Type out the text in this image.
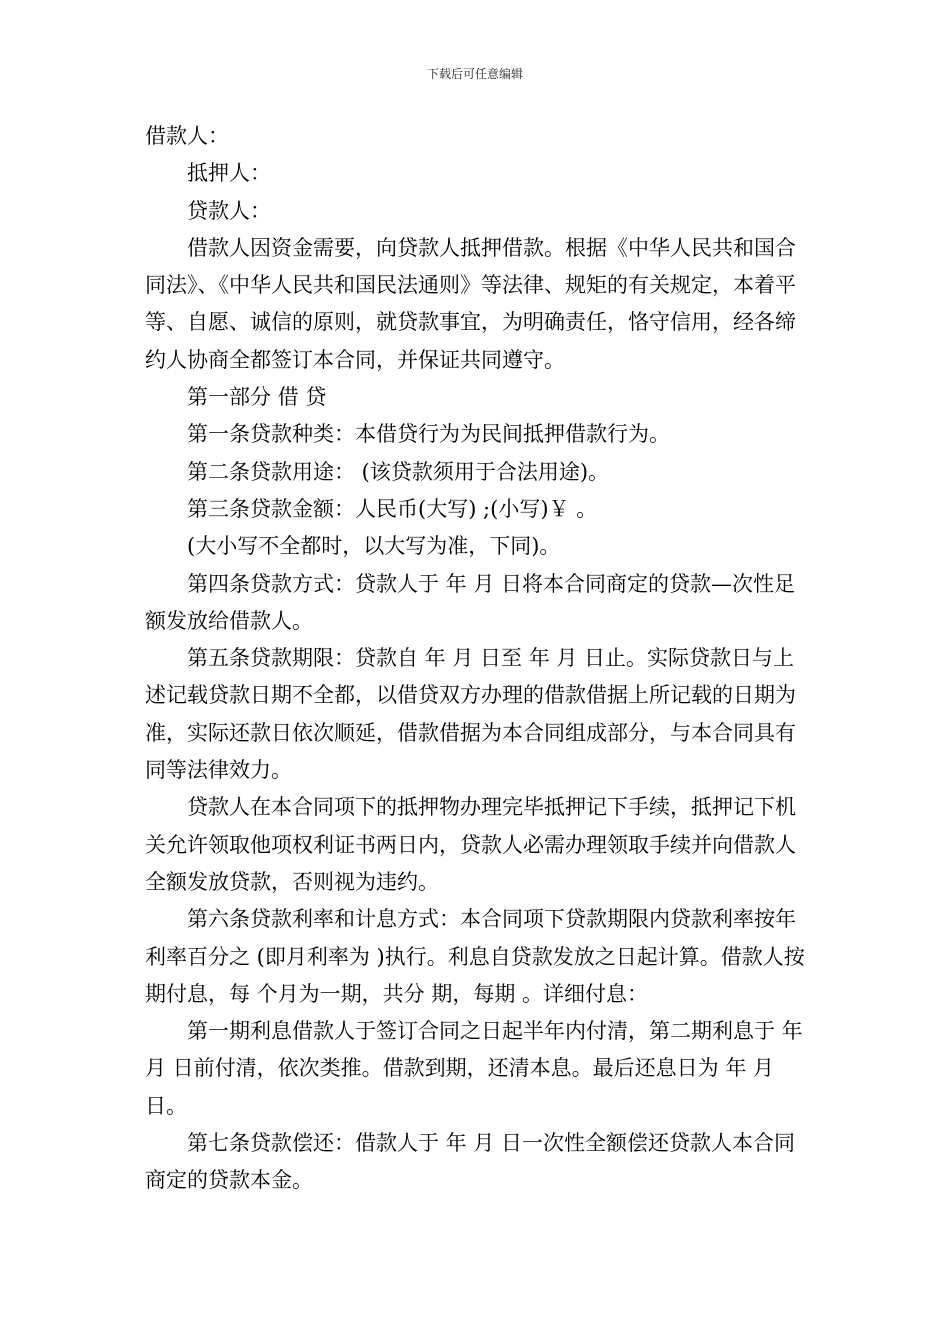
下载后可任意编辑

借款人：

抵押人：

贷款人：

借款人因资金需要，向贷款人抵押借款。根据《中华人民共和国合同法》、《中华人民共和国民法通则》等法律、规矩的有关规定，本着平等、自愿、诚信的原则，就贷款事宜，为明确责任，恪守信用，经各缔约人协商全都签订本合同，并保证共同遵守。

第一部分 借 贷

第一条贷款种类：本借贷行为为民间抵押借款行为。

第二条贷款用途： (该贷款须用于合法用途)。

第三条贷款金额：人民币(大写) ;(小写)￥ 。

(大小写不全都时，以大写为准，下同)。

第四条贷款方式：贷款人于 年 月 日将本合同商定的贷款—次性足额发放给借款人。

第五条贷款期限：贷款自 年 月 日至 年 月 日止。实际贷款日与上述记载贷款日期不全都，以借贷双方办理的借款借据上所记载的日期为准，实际还款日依次顺延，借款借据为本合同组成部分，与本合同具有同等法律效力。

贷款人在本合同项下的抵押物办理完毕抵押记下手续，抵押记下机关允许领取他项权利证书两日内，贷款人必需办理领取手续并向借款人全额发放贷款，否则视为违约。

第六条贷款利率和计息方式：本合同项下贷款期限内贷款利率按年利率百分之 (即月利率为 )执行。利息自贷款发放之日起计算。借款人按期付息，每 个月为一期，共分 期，每期 。详细付息：

第一期利息借款人于签订合同之日起半年内付清，第二期利息于 年 月 日前付清，依次类推。借款到期，还清本息。最后还息日为 年 月 日。

第七条贷款偿还：借款人于 年 月 日一次性全额偿还贷款人本合同商定的贷款本金。
